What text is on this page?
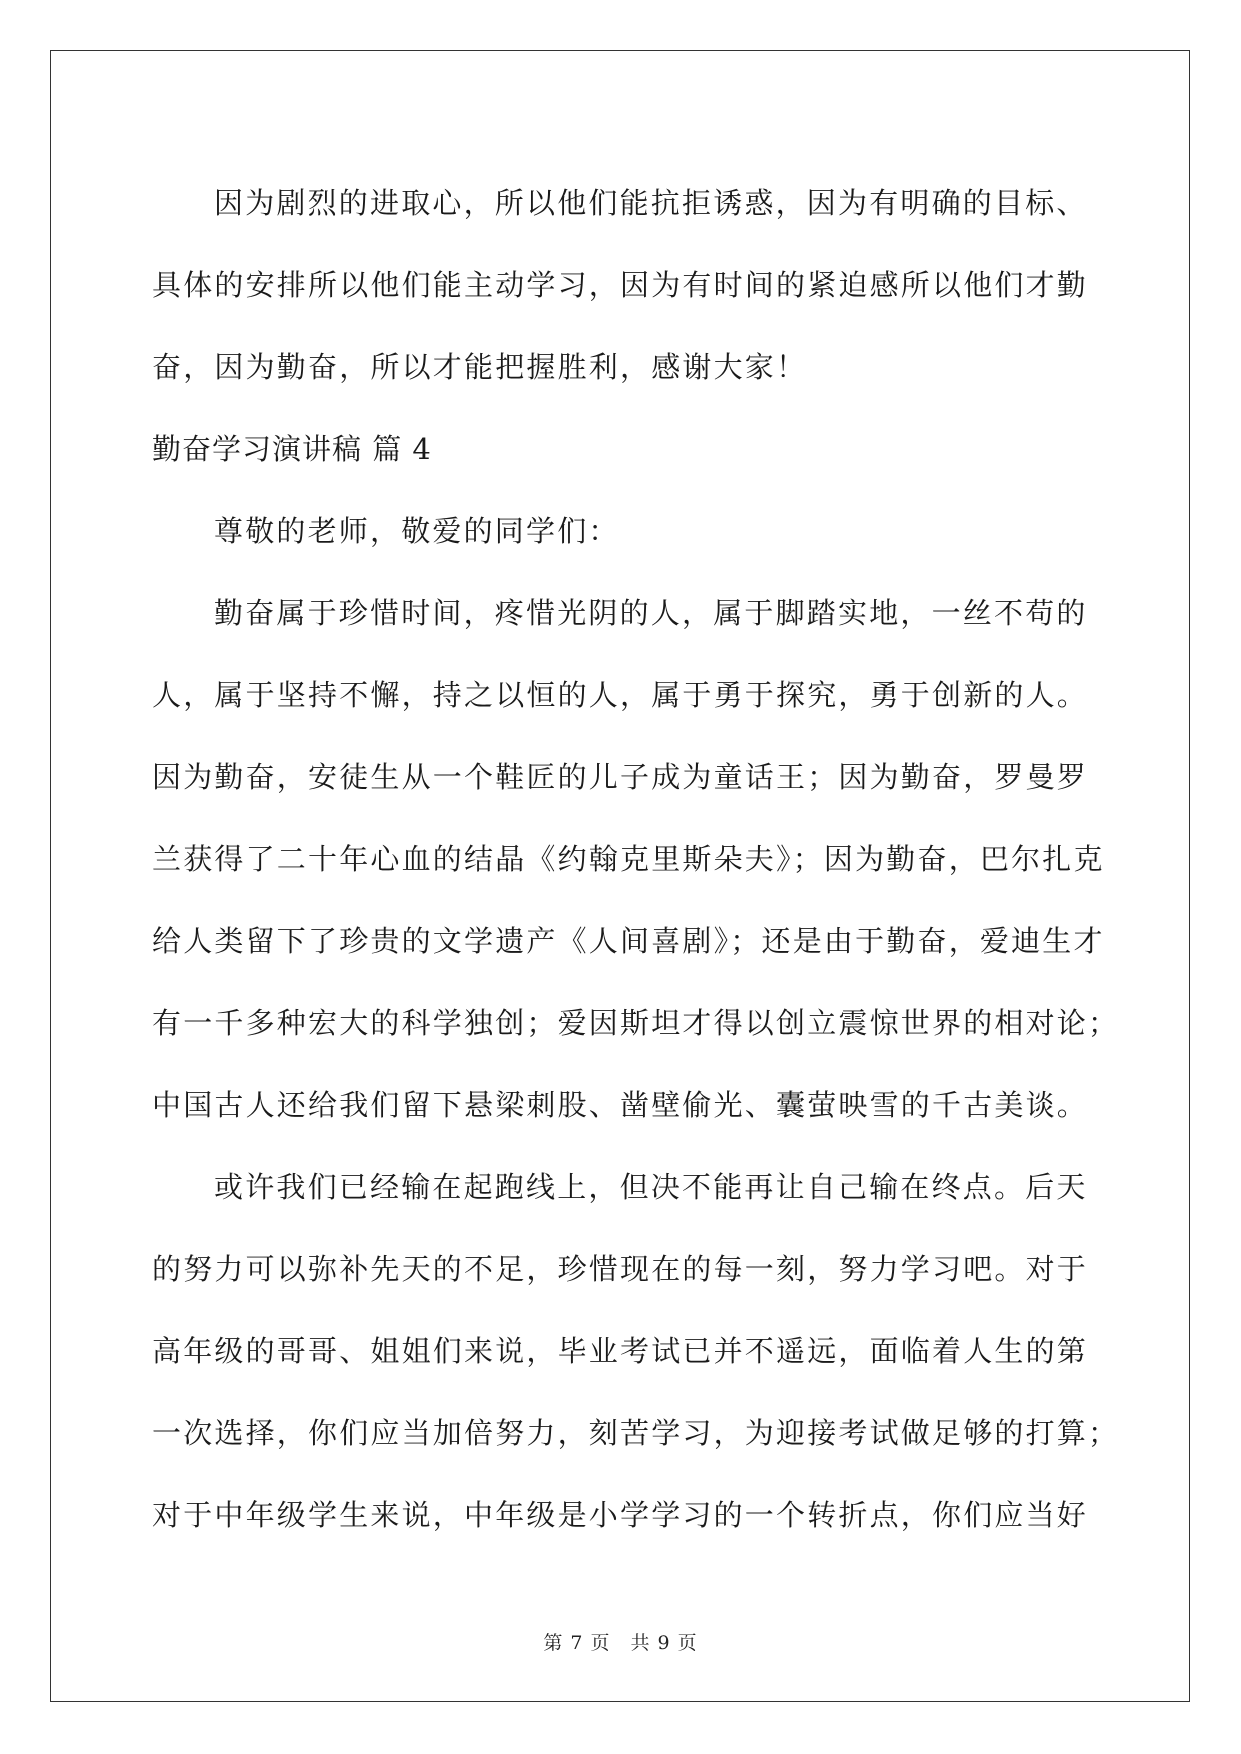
因为剧烈的进取心，所以他们能抗拒诱惑，因为有明确的目标、
具体的安排所以他们能主动学习，因为有时间的紧迫感所以他们才勤
奋，因为勤奋，所以才能把握胜利，感谢大家！
勤奋学习演讲稿 篇 4
尊敬的老师，敬爱的同学们：
勤奋属于珍惜时间，疼惜光阴的人，属于脚踏实地，一丝不苟的
人，属于坚持不懈，持之以恒的人，属于勇于探究，勇于创新的人。
因为勤奋，安徒生从一个鞋匠的儿子成为童话王；因为勤奋，罗曼罗
兰获得了二十年心血的结晶《约翰克里斯朵夫》；因为勤奋，巴尔扎克
给人类留下了珍贵的文学遗产《人间喜剧》；还是由于勤奋，爱迪生才
有一千多种宏大的科学独创；爱因斯坦才得以创立震惊世界的相对论；
中国古人还给我们留下悬梁刺股、凿壁偷光、囊萤映雪的千古美谈。
或许我们已经输在起跑线上，但决不能再让自己输在终点。后天
的努力可以弥补先天的不足，珍惜现在的每一刻，努力学习吧。对于
高年级的哥哥、姐姐们来说，毕业考试已并不遥远，面临着人生的第
一次选择，你们应当加倍努力，刻苦学习，为迎接考试做足够的打算；
对于中年级学生来说，中年级是小学学习的一个转折点，你们应当好
第 7 页　共 9 页
